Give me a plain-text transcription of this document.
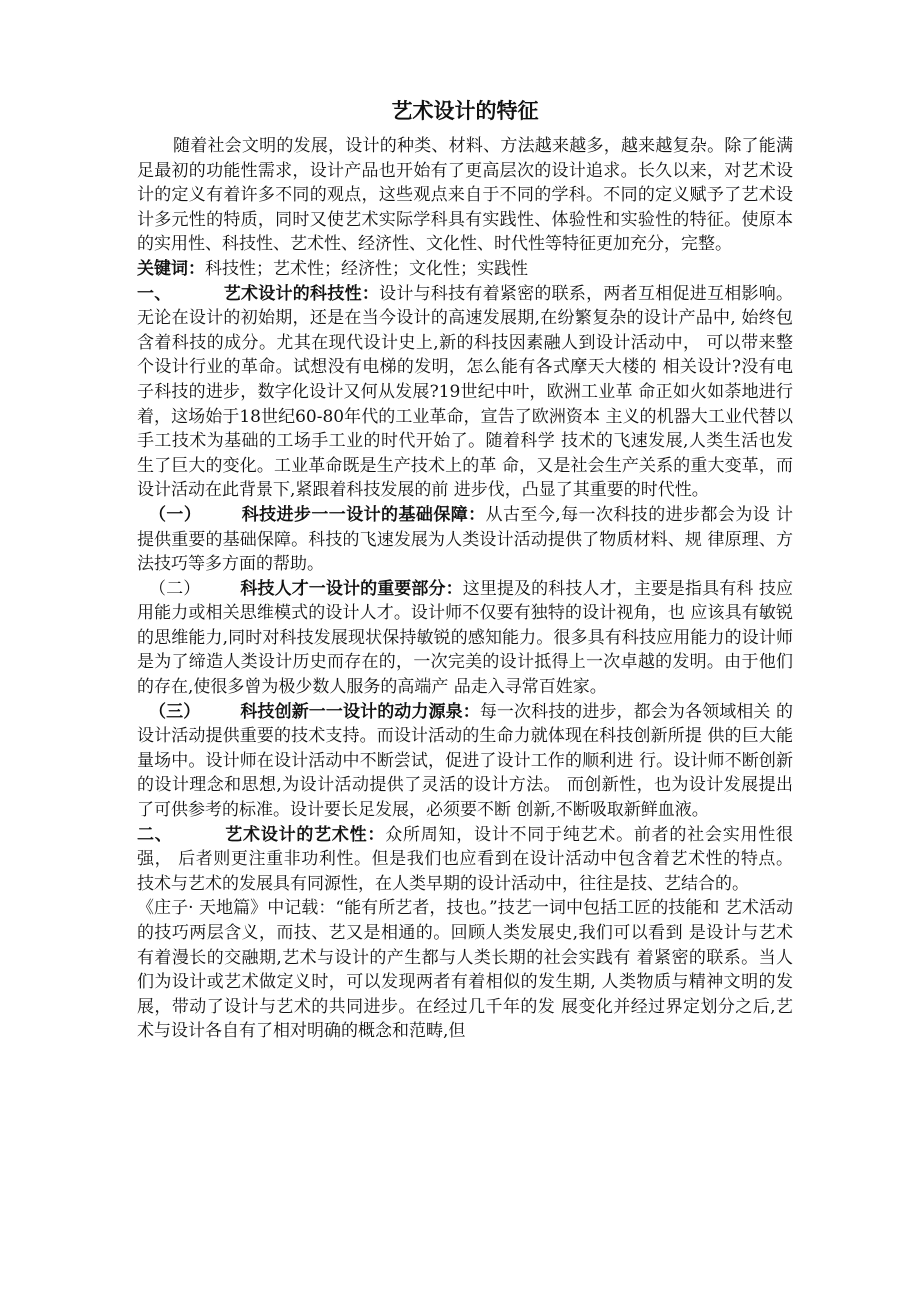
艺术设计的特征

随着社会文明的发展，设计的种类、材料、方法越来越多，越来越复杂。除了能满足最初的功能性需求，设计产品也开始有了更高层次的设计追求。长久以来，对艺术设计的定义有着许多不同的观点，这些观点来自于不同的学科。不同的定义赋予了艺术设计多元性的特质，同时又使艺术实际学科具有实践性、体验性和实验性的特征。使原本的实用性、科技性、艺术性、经济性、文化性、时代性等特征更加充分，完整。

关键词：科技性；艺术性；经济性；文化性；实践性

一、	艺术设计的科技性：设计与科技有着紧密的联系，两者互相促进互相影响。 无论在设计的初始期，还是在当今设计的高速发展期,在纷繁复杂的设计产品中, 始终包含着科技的成分。尤其在现代设计史上,新的科技因素融人到设计活动中， 可以带来整个设计行业的革命。试想没有电梯的发明，怎么能有各式摩天大楼的 相关设计?没有电子科技的进步，数字化设计又何从发展?19世纪中叶，欧洲工业革 命正如火如荼地进行着，这场始于18世纪60-80年代的工业革命，宣告了欧洲资本 主义的机器大工业代替以手工技术为基础的工场手工业的时代开始了。随着科学 技术的飞速发展,人类生活也发生了巨大的变化。工业革命既是生产技术上的革 命，又是社会生产关系的重大变革，而设计活动在此背景下,紧跟着科技发展的前 进步伐，凸显了其重要的时代性。

（一） 科技进步一一设计的基础保障：从古至今,每一次科技的进步都会为设 计提供重要的基础保障。科技的飞速发展为人类设计活动提供了物质材料、规 律原理、方法技巧等多方面的帮助。

（二） 科技人才一设计的重要部分：这里提及的科技人才，主要是指具有科 技应用能力或相关思维模式的设计人才。设计师不仅要有独特的设计视角，也 应该具有敏锐的思维能力,同时对科技发展现状保持敏锐的感知能力。很多具有科技应用能力的设计师是为了缔造人类设计历史而存在的，一次完美的设计抵得上一次卓越的发明。由于他们的存在,使很多曾为极少数人服务的高端产 品走入寻常百姓家。

（三） 科技创新一一设计的动力源泉：每一次科技的进步，都会为各领域相关 的设计活动提供重要的技术支持。而设计活动的生命力就体现在科技创新所提 供的巨大能量场中。设计师在设计活动中不断尝试，促进了设计工作的顺利进 行。设计师不断创新的设计理念和思想,为设计活动提供了灵活的设计方法。 而创新性，也为设计发展提出了可供参考的标准。设计要长足发展，必须要不断 创新,不断吸取新鲜血液。

二、	艺术设计的艺术性：众所周知，设计不同于纯艺术。前者的社会实用性很强， 后者则更注重非功利性。但是我们也应看到在设计活动中包含着艺术性的特点。 技术与艺术的发展具有同源性，在人类早期的设计活动中，往往是技、艺结合的。

《庄子· 天地篇》中记载：“能有所艺者，技也。”技艺一词中包括工匠的技能和 艺术活动的技巧两层含义，而技、艺又是相通的。回顾人类发展史,我们可以看到 是设计与艺术有着漫长的交融期,艺术与设计的产生都与人类长期的社会实践有 着紧密的联系。当人们为设计或艺术做定义时，可以发现两者有着相似的发生期, 人类物质与精神文明的发展，带动了设计与艺术的共同进步。在经过几千年的发 展变化并经过界定划分之后,艺术与设计各自有了相对明确的概念和范畴,但
